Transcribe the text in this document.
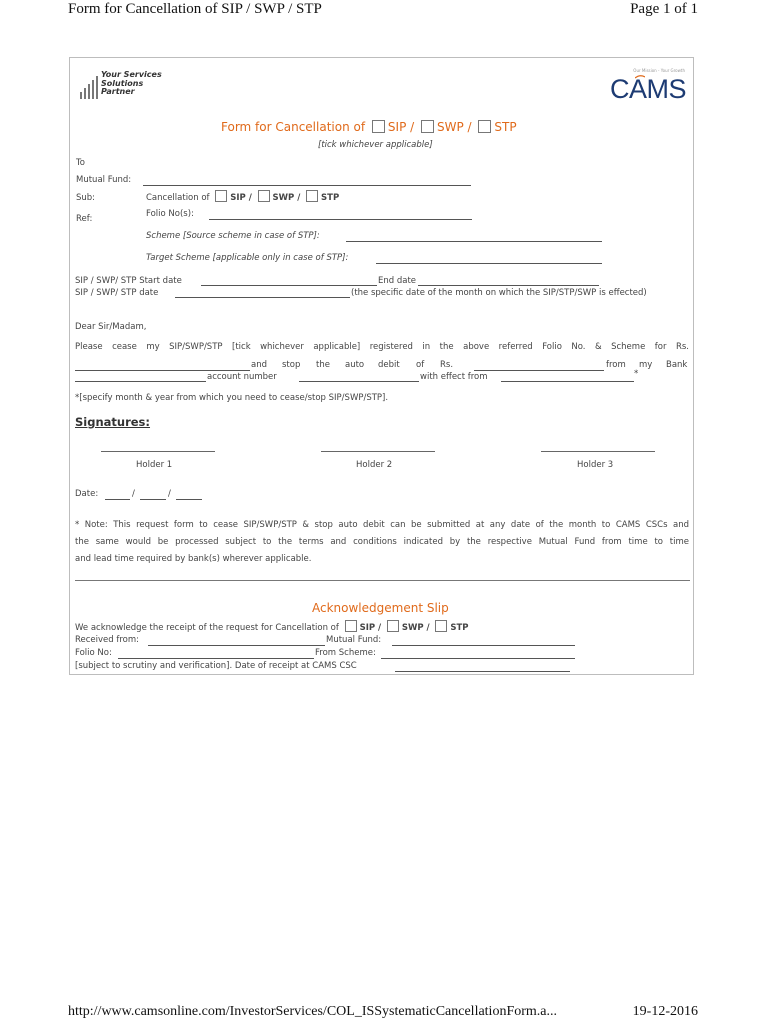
Form for Cancellation of SIP / SWP / STP	Page 1 of 1
Your Services
Solutions
Partner
Our Mission - Your Growth
CAMS
Form for Cancellation of SIP / SWP / STP
[tick whichever applicable]
To
Mutual Fund:
Sub:	Cancellation of SIP / SWP / STP
Ref:	Folio No(s):
Scheme [Source scheme in case of STP]:
Target Scheme [applicable only in case of STP]:
SIP / SWP/ STP Start date	End date
SIP / SWP/ STP date	(the specific date of the month on which the SIP/STP/SWP is effected)
Dear Sir/Madam,
Please cease my SIP/SWP/STP [tick whichever applicable] registered in the above referred Folio No. & Scheme for Rs.
and stop the auto debit of Rs.	from my Bank
account number	with effect from	*
*[specify month & year from which you need to cease/stop SIP/SWP/STP].
Signatures:
Holder 1	Holder 2	Holder 3
Date:	/	/
* Note: This request form to cease SIP/SWP/STP & stop auto debit can be submitted at any date of the month to CAMS CSCs and
the same would be processed subject to the terms and conditions indicated by the respective Mutual Fund from time to time
and lead time required by bank(s) wherever applicable.
Acknowledgement Slip
We acknowledge the receipt of the request for Cancellation of SIP / SWP / STP
Received from:	Mutual Fund:
Folio No:	From Scheme:
[subject to scrutiny and verification]. Date of receipt at CAMS CSC
http://www.camsonline.com/InvestorServices/COL_ISSystematicCancellationForm.a...	19-12-2016
